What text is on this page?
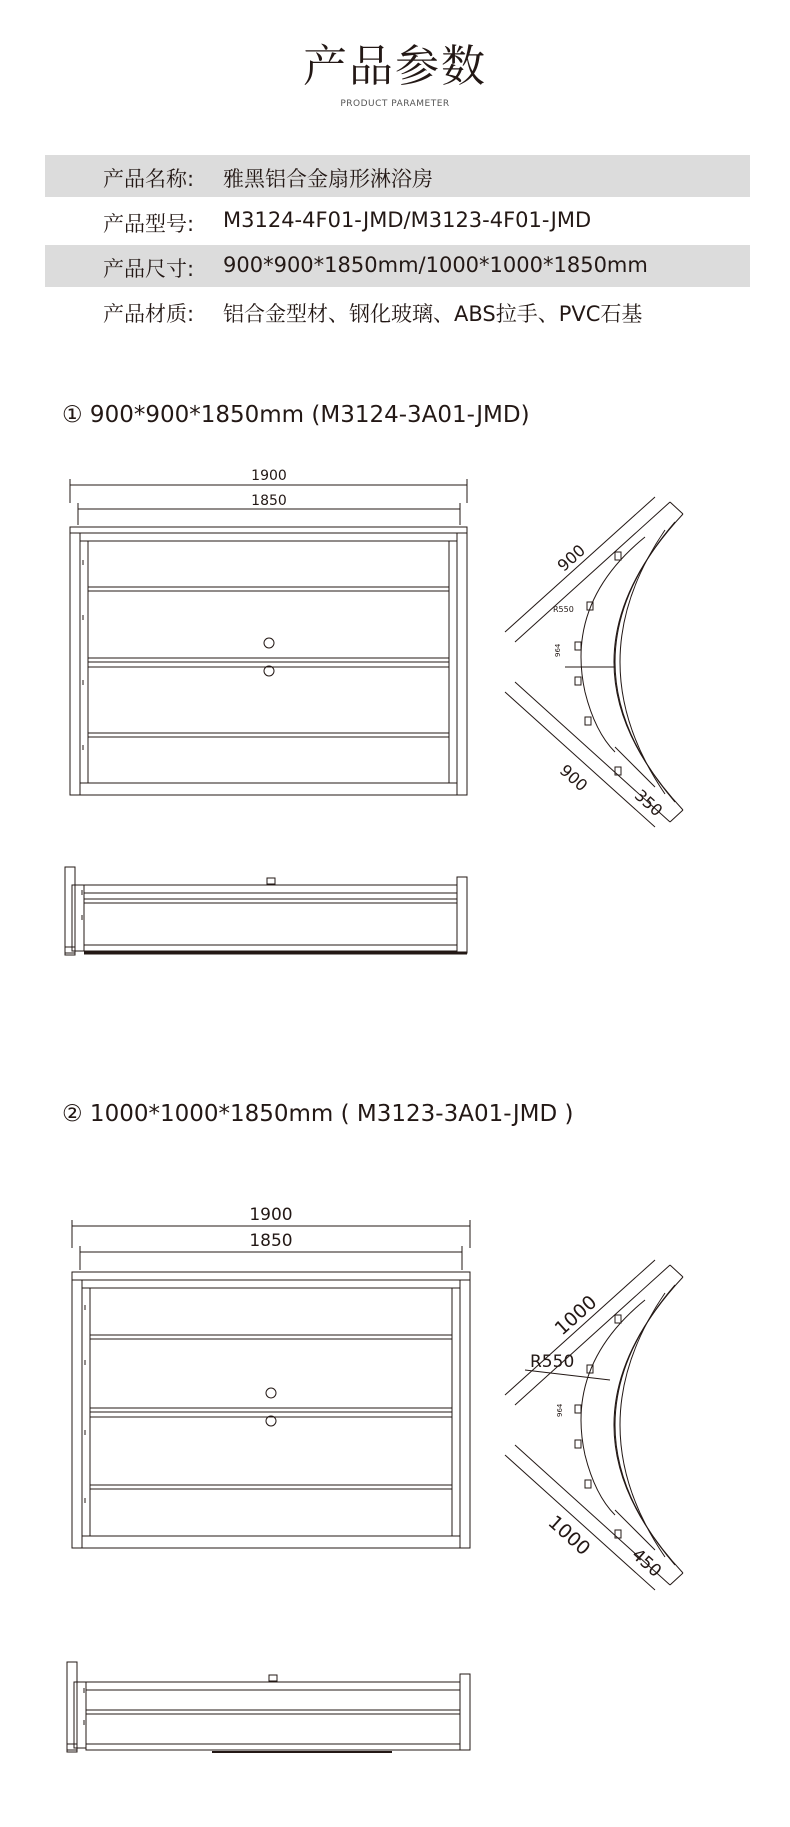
产品参数
PRODUCT PARAMETER
产品名称: 雅黑铝合金扇形淋浴房
产品型号: M3124-4F01-JMD/M3123-4F01-JMD
产品尺寸: 900*900*1850mm/1000*1000*1850mm
产品材质: 铝合金型材、钢化玻璃、ABS拉手、PVC石基
① 900*900*1850mm (M3124-3A01-JMD)
1900
1850
900
900
350
R550
964
② 1000*1000*1850mm ( M3123-3A01-JMD )
1900
1850
1000
1000
450
R550
964
